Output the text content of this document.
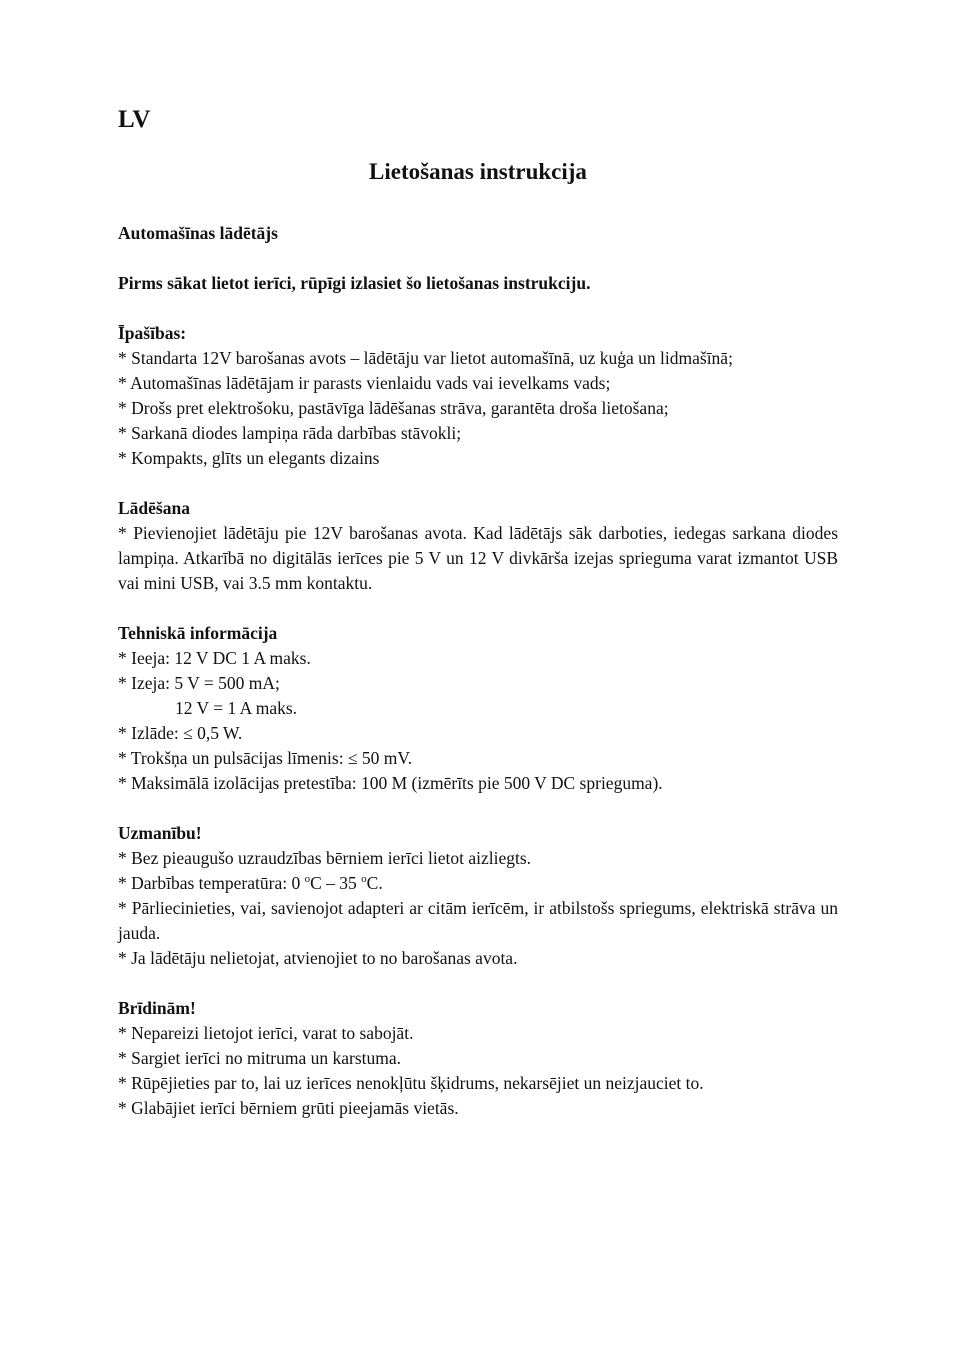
LV
Lietošanas instrukcija
Automašīnas lādētājs
Pirms sākat lietot ierīci, rūpīgi izlasiet šo lietošanas instrukciju.
Īpašības:
* Standarta 12V barošanas avots – lādētāju var lietot automašīnā, uz kuģa un lidmašīnā;
* Automašīnas lādētājam ir parasts vienlaidu vads vai ievelkams vads;
* Drošs pret elektrošoku, pastāvīga lādēšanas strāva, garantēta droša lietošana;
* Sarkanā diodes lampiņa rāda darbības stāvokli;
* Kompakts, glīts un elegants dizains
Lādēšana
* Pievienojiet lādētāju pie 12V barošanas avota. Kad lādētājs sāk darboties, iedegas sarkana diodes lampiņa. Atkarībā no digitālās ierīces pie 5 V un 12 V divkārša izejas sprieguma varat izmantot USB vai mini USB, vai 3.5 mm kontaktu.
Tehniskā informācija
* Ieeja: 12 V DC 1 A maks.
* Izeja: 5 V = 500 mA;
12 V = 1 A maks.
* Izlāde: ≤ 0,5 W.
* Trokšņa un pulsācijas līmenis: ≤ 50 mV.
* Maksimālā izolācijas pretestība: 100 M (izmērīts pie 500 V DC sprieguma).
Uzmanību!
* Bez pieaugušo uzraudzības bērniem ierīci lietot aizliegts.
* Darbības temperatūra: 0 $^o$C – 35 $^o$C.
* Pārliecinieties, vai, savienojot adapteri ar citām ierīcēm, ir atbilstošs spriegums, elektriskā strāva un jauda.
* Ja lādētāju nelietojat, atvienojiet to no barošanas avota.
Brīdinām!
* Nepareizi lietojot ierīci, varat to sabojāt.
* Sargiet ierīci no mitruma un karstuma.
* Rūpējieties par to, lai uz ierīces nenokļūtu šķidrums, nekarsējiet un neizjauciet to.
* Glabājiet ierīci bērniem grūti pieejamās vietās.
